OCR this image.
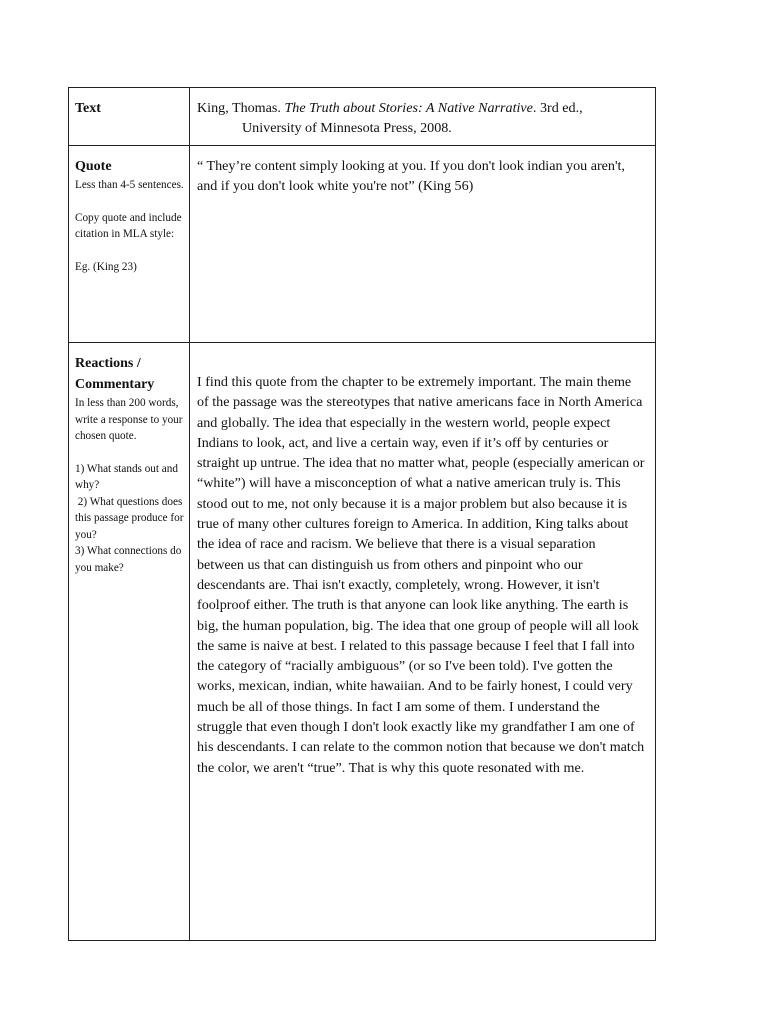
Text	King, Thomas. The Truth about Stories: A Native Narrative. 3rd ed., University of Minnesota Press, 2008.

Quote

Less than 4-5 sentences.

Copy quote and include citation in MLA style:

Eg. (King 23)

“ They’re content simply looking at you. If you don't look indian you aren't, and if you don't look white you're not” (King 56)

Reactions / Commentary

In less than 200 words, write a response to your chosen quote.

1) What stands out and why?
2) What questions does this passage produce for you?
3) What connections do you make?

I find this quote from the chapter to be extremely important. The main theme of the passage was the stereotypes that native americans face in North America and globally. The idea that especially in the western world, people expect Indians to look, act, and live a certain way, even if it’s off by centuries or straight up untrue. The idea that no matter what, people (especially american or “white”) will have a misconception of what a native american truly is. This stood out to me, not only because it is a major problem but also because it is true of many other cultures foreign to America. In addition, King talks about the idea of race and racism. We believe that there is a visual separation between us that can distinguish us from others and pinpoint who our descendants are. Thai isn't exactly, completely, wrong. However, it isn't foolproof either. The truth is that anyone can look like anything. The earth is big, the human population, big. The idea that one group of people will all look the same is naive at best. I related to this passage because I feel that I fall into the category of “racially ambiguous” (or so I've been told). I've gotten the works, mexican, indian, white hawaiian. And to be fairly honest, I could very much be all of those things. In fact I am some of them. I understand the struggle that even though I don't look exactly like my grandfather I am one of his descendants. I can relate to the common notion that because we don't match the color, we aren't “true”. That is why this quote resonated with me.
